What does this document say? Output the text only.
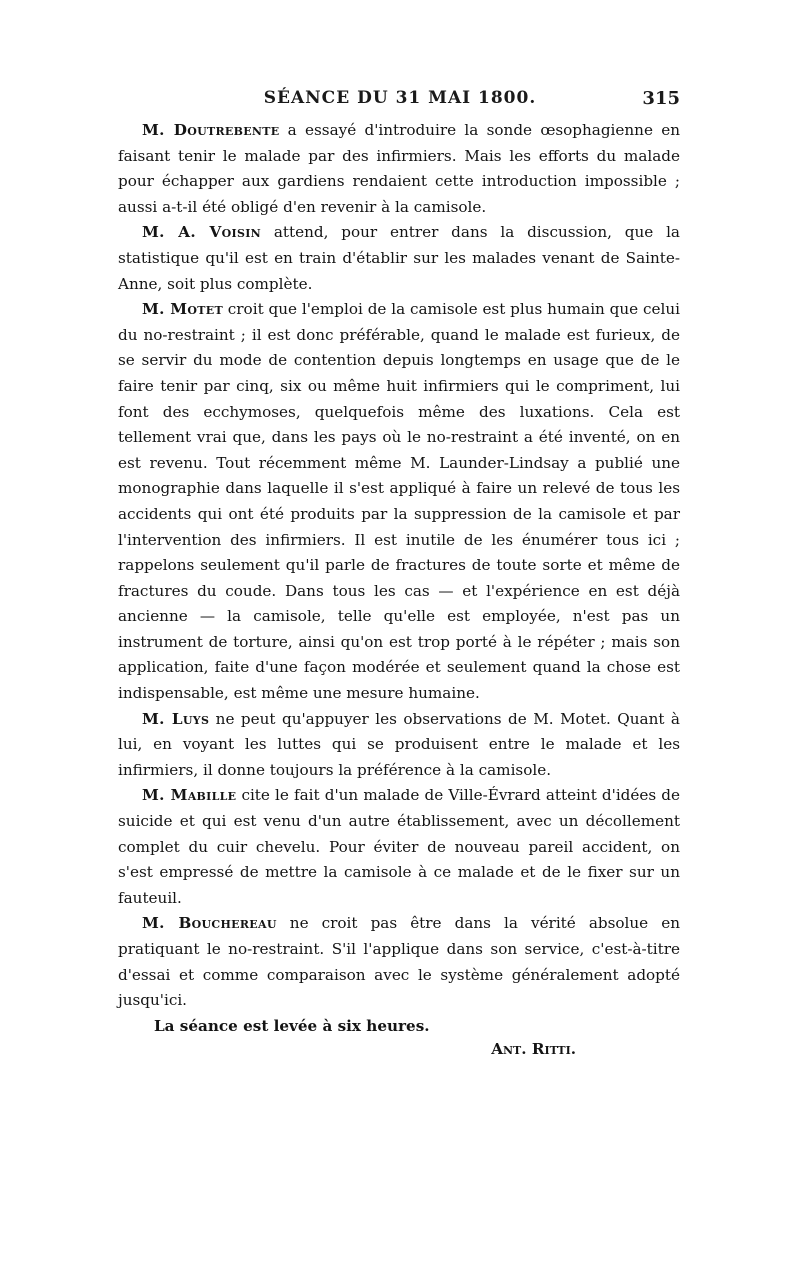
SÉANCE DU 31 MAI 1800.	315

M. Doutrebente a essayé d'introduire la sonde œsophagienne en faisant tenir le malade par des infirmiers. Mais les efforts du malade pour échapper aux gardiens rendaient cette introduction impossible ; aussi a-t-il été obligé d'en revenir à la camisole.

M. A. Voisin attend, pour entrer dans la discussion, que la statistique qu'il est en train d'établir sur les malades venant de Sainte-Anne, soit plus complète.

M. Motet croit que l'emploi de la camisole est plus humain que celui du no-restraint ; il est donc préférable, quand le malade est furieux, de se servir du mode de contention depuis longtemps en usage que de le faire tenir par cinq, six ou même huit infirmiers qui le compriment, lui font des ecchymoses, quelquefois même des luxations. Cela est tellement vrai que, dans les pays où le no-restraint a été inventé, on en est revenu. Tout récemment même M. Launder-Lindsay a publié une monographie dans laquelle il s'est appliqué à faire un relevé de tous les accidents qui ont été produits par la suppression de la camisole et par l'intervention des infirmiers. Il est inutile de les énumérer tous ici ; rappelons seulement qu'il parle de fractures de toute sorte et même de fractures du coude. Dans tous les cas — et l'expérience en est déjà ancienne — la camisole, telle qu'elle est employée, n'est pas un instrument de torture, ainsi qu'on est trop porté à le répéter ; mais son application, faite d'une façon modérée et seulement quand la chose est indispensable, est même une mesure humaine.

M. Luys ne peut qu'appuyer les observations de M. Motet. Quant à lui, en voyant les luttes qui se produisent entre le malade et les infirmiers, il donne toujours la préférence à la camisole.

M. Mabille cite le fait d'un malade de Ville-Évrard atteint d'idées de suicide et qui est venu d'un autre établissement, avec un décollement complet du cuir chevelu. Pour éviter de nouveau pareil accident, on s'est empressé de mettre la camisole à ce malade et de le fixer sur un fauteuil.

M. Bouchereau ne croit pas être dans la vérité absolue en pratiquant le no-restraint. S'il l'applique dans son service, c'est-à-titre d'essai et comme comparaison avec le système généralement adopté jusqu'ici.

La séance est levée à six heures.

Ant. Ritti.
